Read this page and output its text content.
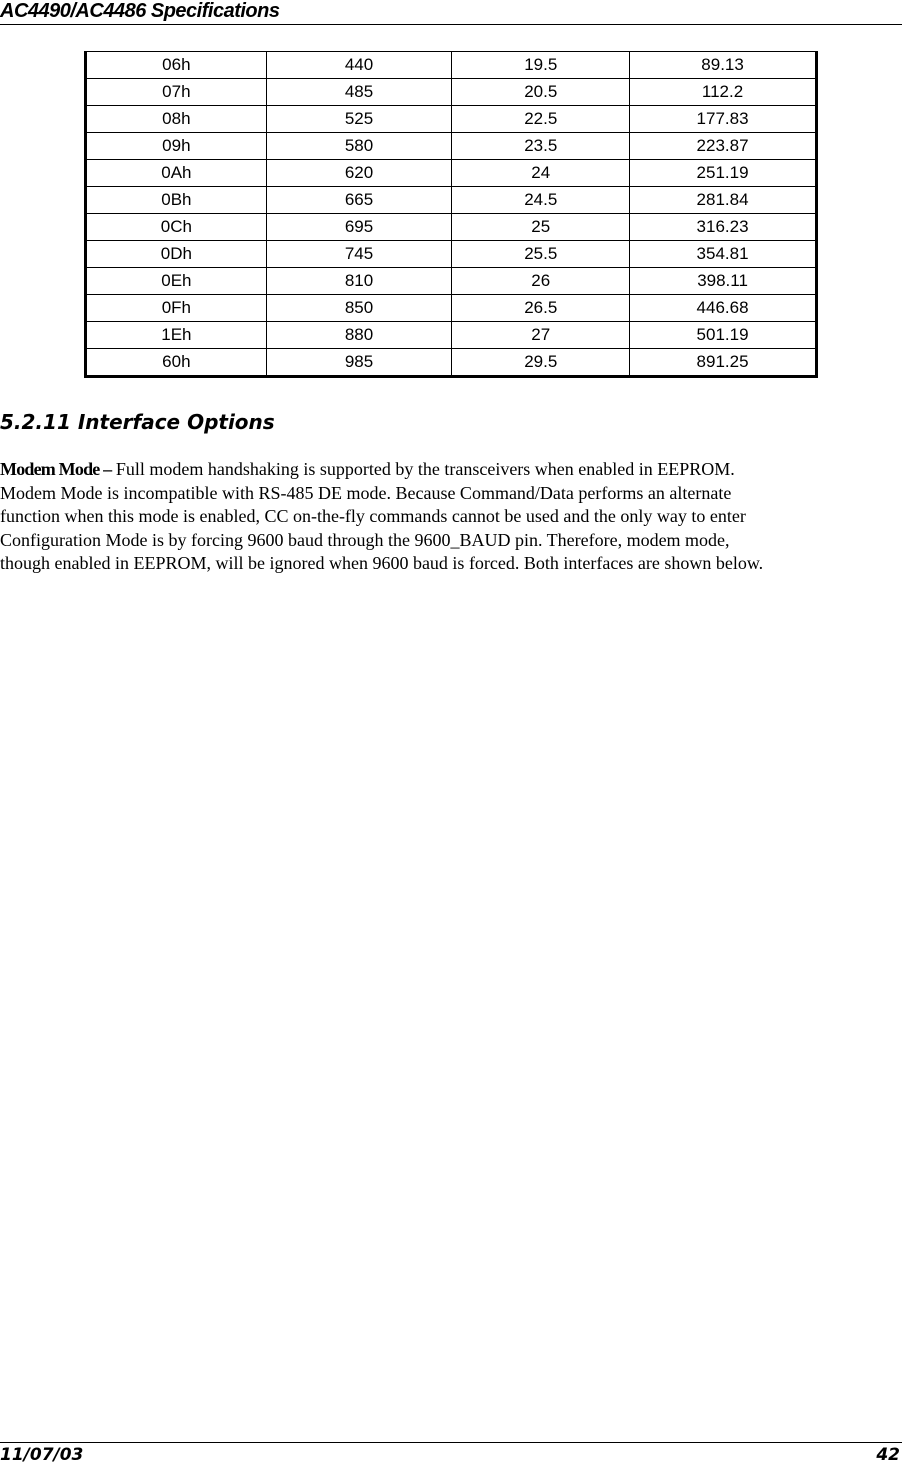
AC4490/AC4486 Specifications
06h	440	19.5	89.13
07h	485	20.5	112.2
08h	525	22.5	177.83
09h	580	23.5	223.87
0Ah	620	24	251.19
0Bh	665	24.5	281.84
0Ch	695	25	316.23
0Dh	745	25.5	354.81
0Eh	810	26	398.11
0Fh	850	26.5	446.68
1Eh	880	27	501.19
60h	985	29.5	891.25
5.2.11 Interface Options
Modem Mode – Full modem handshaking is supported by the transceivers when enabled in EEPROM.
Modem Mode is incompatible with RS-485 DE mode. Because Command/Data performs an alternate
function when this mode is enabled, CC on-the-fly commands cannot be used and the only way to enter
Configuration Mode is by forcing 9600 baud through the 9600_BAUD pin. Therefore, modem mode,
though enabled in EEPROM, will be ignored when 9600 baud is forced. Both interfaces are shown below.
11/07/03	42
